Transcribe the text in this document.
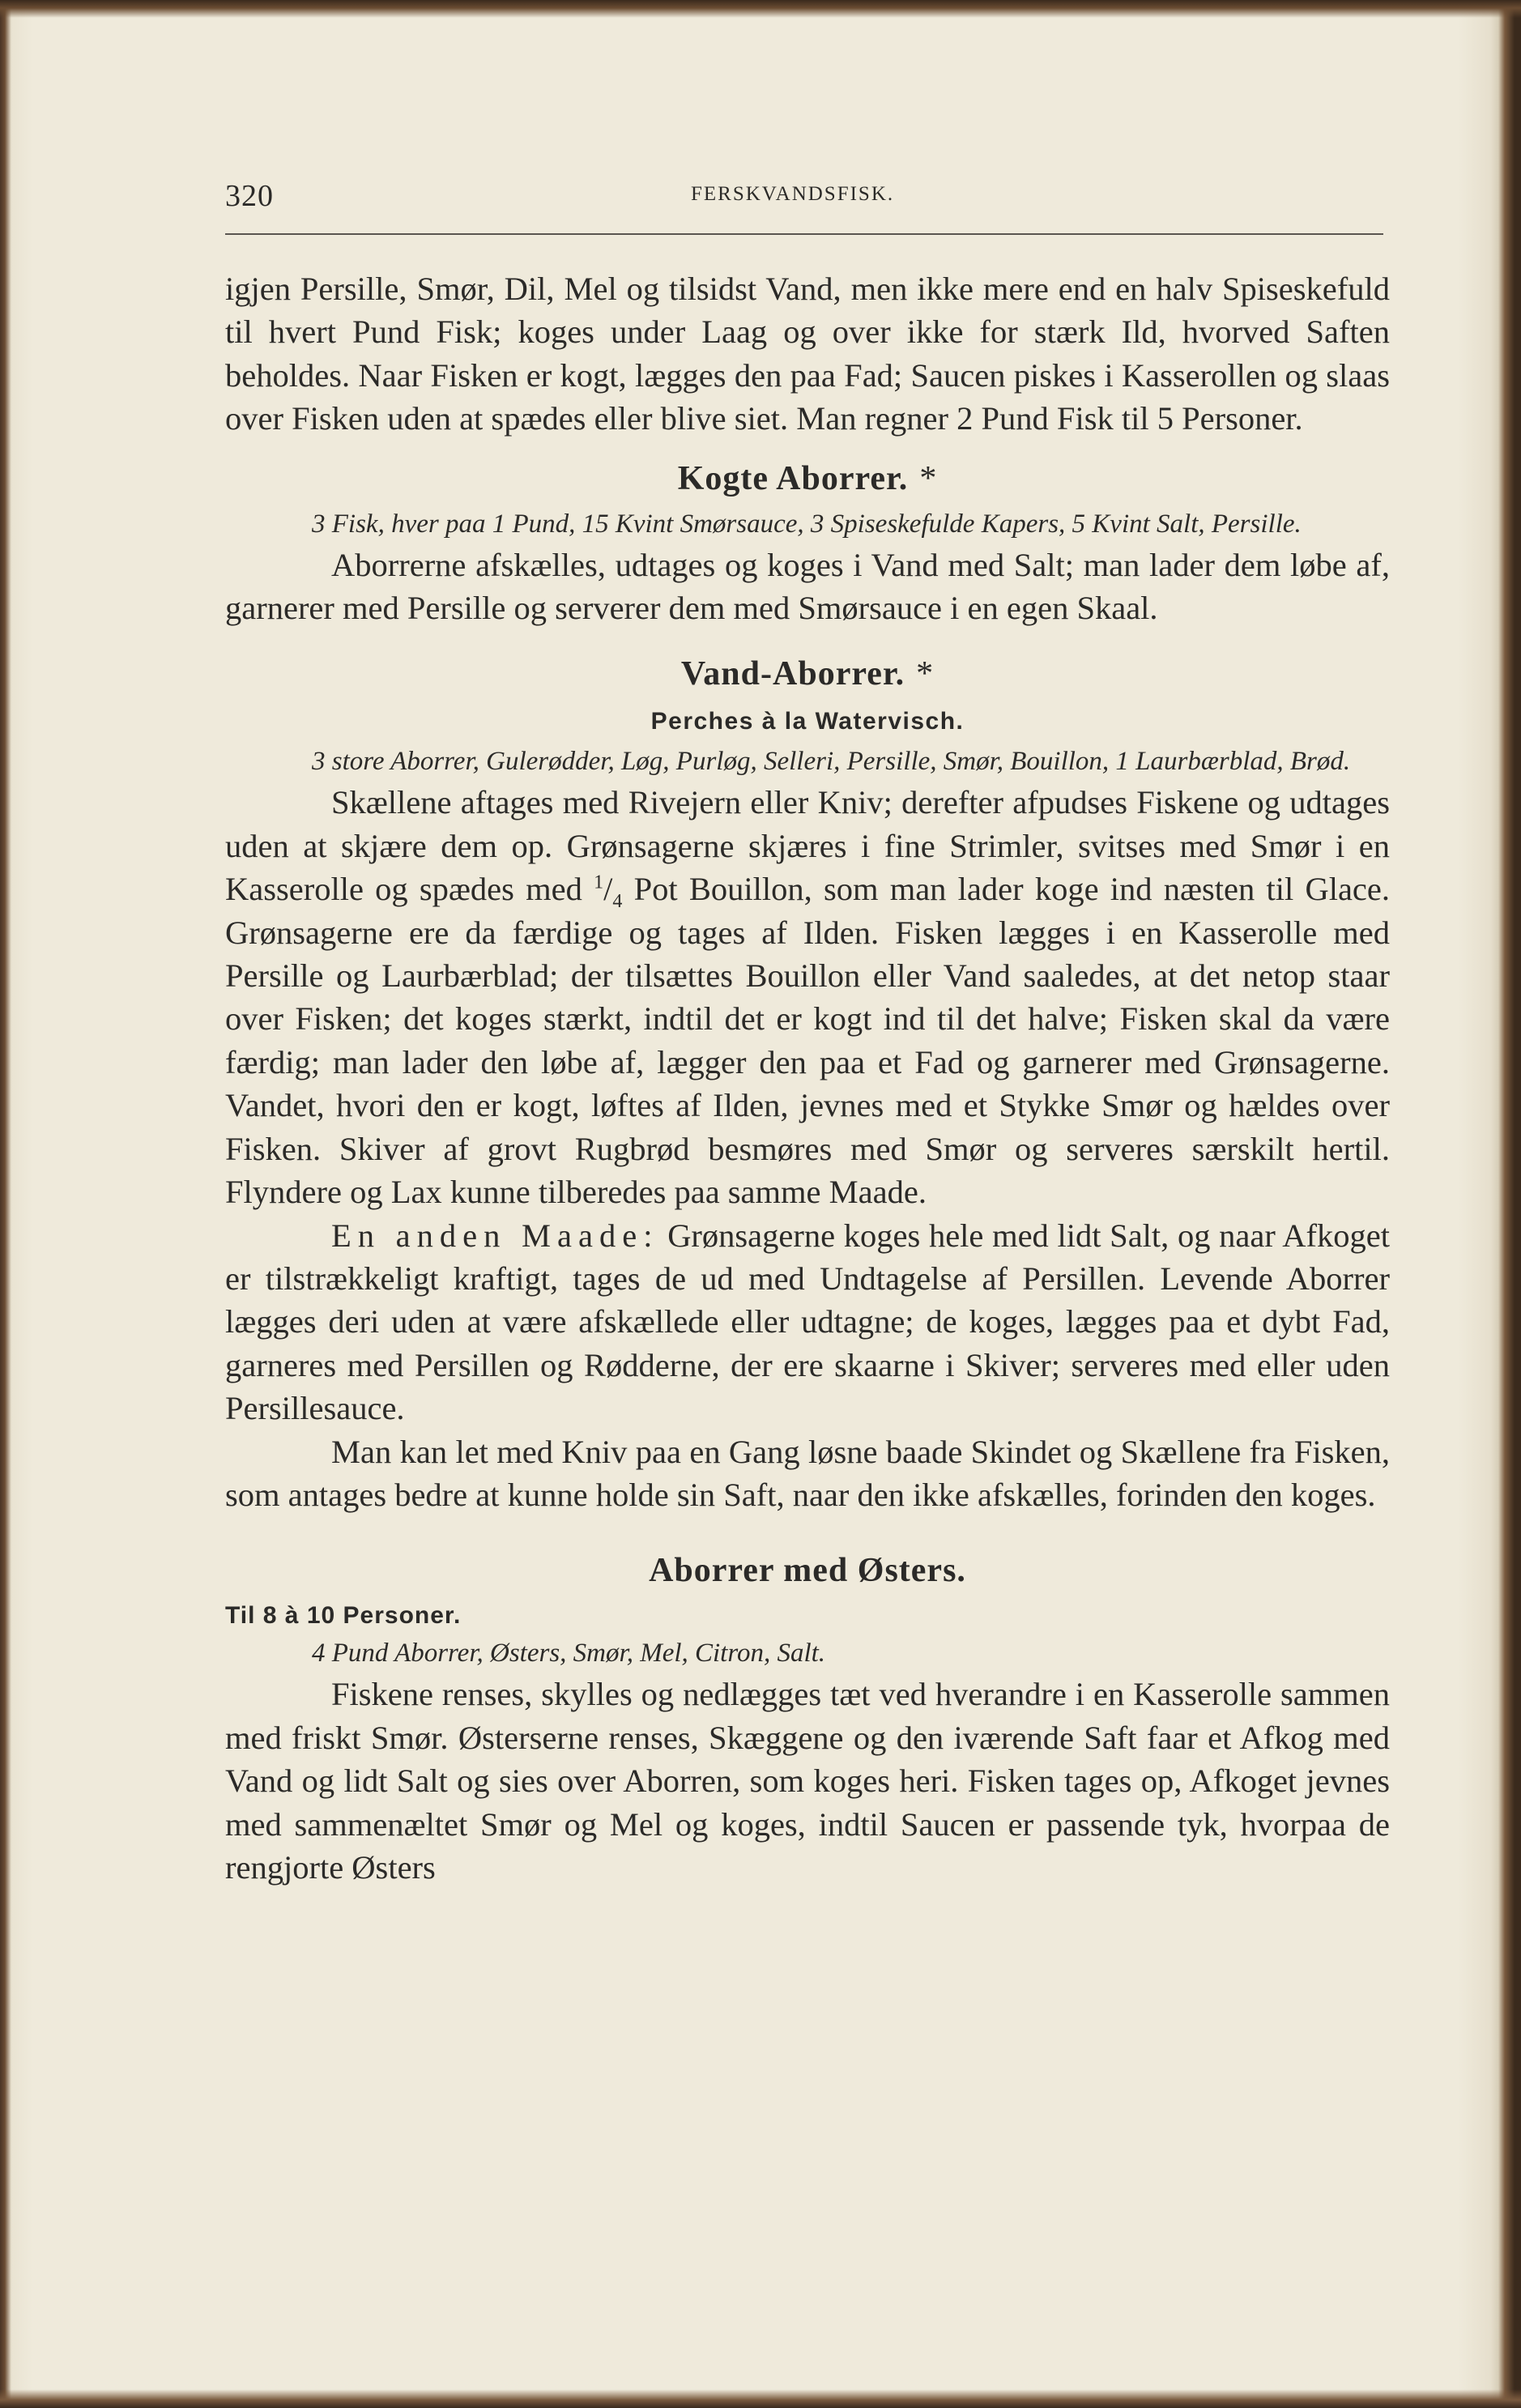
320	FERSKVANDSFISK.

igjen Persille, Smør, Dil, Mel og tilsidst Vand, men ikke mere end en halv Spiseskefuld til hvert Pund Fisk; koges under Laag og over ikke for stærk Ild, hvorved Saften beholdes. Naar Fisken er kogt, lægges den paa Fad; Saucen piskes i Kasserollen og slaas over Fisken uden at spædes eller blive siet. Man regner 2 Pund Fisk til 5 Personer.

Kogte Aborrer. *

3 Fisk, hver paa 1 Pund, 15 Kvint Smørsauce, 3 Spiseskefulde Kapers, 5 Kvint Salt, Persille.

Aborrerne afskælles, udtages og koges i Vand med Salt; man lader dem løbe af, garnerer med Persille og serverer dem med Smørsauce i en egen Skaal.

Vand-Aborrer. *
Perches à la Watervisch.

3 store Aborrer, Gulerødder, Løg, Purløg, Selleri, Persille, Smør, Bouillon, 1 Laurbærblad, Brød.

Skællene aftages med Rivejern eller Kniv; derefter afpudses Fiskene og udtages uden at skjære dem op. Grønsagerne skjæres i fine Strimler, svitses med Smør i en Kasserolle og spædes med $^1/_4$ Pot Bouillon, som man lader koge ind næsten til Glace. Grønsagerne ere da færdige og tages af Ilden. Fisken lægges i en Kasserolle med Persille og Laurbærblad; der tilsættes Bouillon eller Vand saaledes, at det netop staar over Fisken; det koges stærkt, indtil det er kogt ind til det halve; Fisken skal da være færdig; man lader den løbe af, lægger den paa et Fad og garnerer med Grønsagerne. Vandet, hvori den er kogt, løftes af Ilden, jevnes med et Stykke Smør og hældes over Fisken. Skiver af grovt Rugbrød besmøres med Smør og serveres særskilt hertil. Flyndere og Lax kunne tilberedes paa samme Maade.

En anden Maade: Grønsagerne koges hele med lidt Salt, og naar Afkoget er tilstrækkeligt kraftigt, tages de ud med Undtagelse af Persillen. Levende Aborrer lægges deri uden at være afskællede eller udtagne; de koges, lægges paa et dybt Fad, garneres med Persillen og Rødderne, der ere skaarne i Skiver; serveres med eller uden Persillesauce.

Man kan let med Kniv paa en Gang løsne baade Skindet og Skællene fra Fisken, som antages bedre at kunne holde sin Saft, naar den ikke afskælles, forinden den koges.

Aborrer med Østers.
Til 8 à 10 Personer.

4 Pund Aborrer, Østers, Smør, Mel, Citron, Salt.

Fiskene renses, skylles og nedlægges tæt ved hverandre i en Kasserolle sammen med friskt Smør. Østerserne renses, Skæggene og den iværende Saft faar et Afkog med Vand og lidt Salt og sies over Aborren, som koges heri. Fisken tages op, Afkoget jevnes med sammenæltet Smør og Mel og koges, indtil Saucen er passende tyk, hvorpaa de rengjorte Østers
